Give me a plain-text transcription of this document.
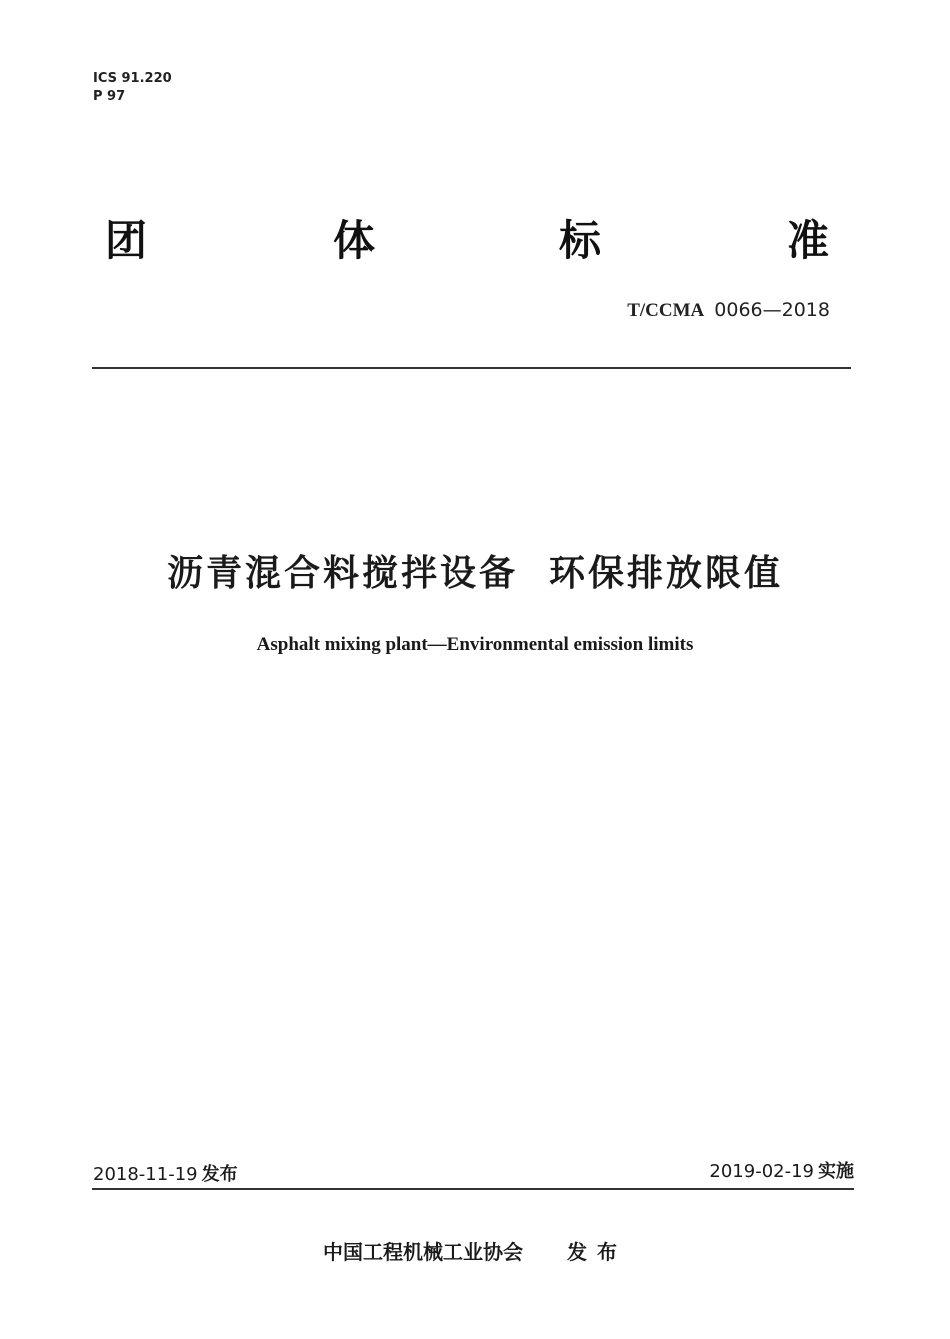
ICS 91.220
P 97
团	体	标	准
T/CCMA 0066—2018
沥青混合料搅拌设备  环保排放限值
Asphalt mixing plant—Environmental emission limits
2018-11-19 发布	2019-02-19 实施
中国工程机械工业协会 发布
